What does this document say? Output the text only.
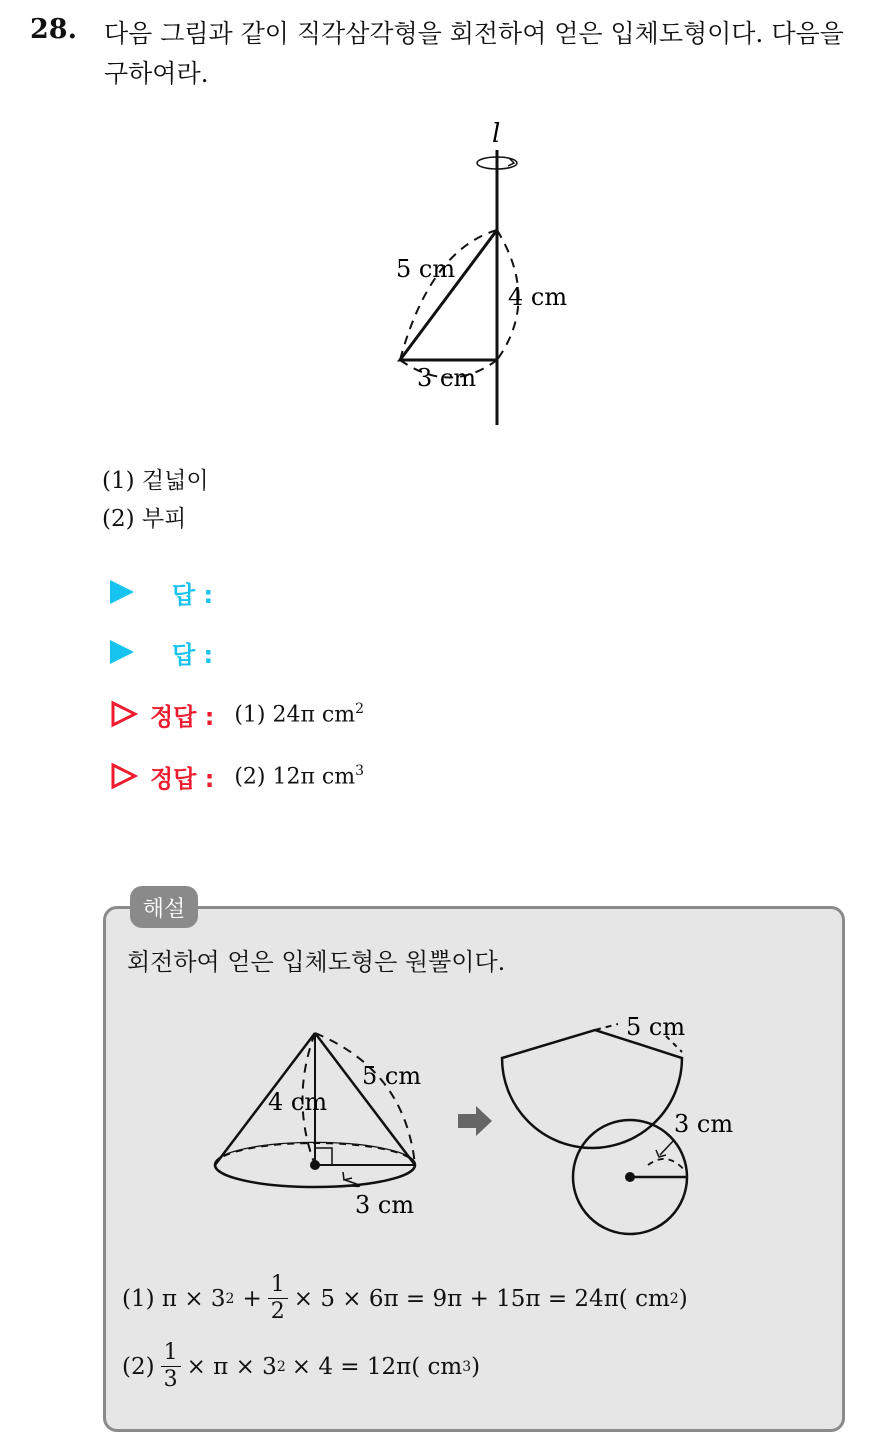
28. 다음 그림과 같이 직각삼각형을 회전하여 얻은 입체도형이다. 다음을 구하여라.
l
5 cm
4 cm
3 cm
(1) 겉넓이
(2) 부피
답 :
답 :
정답 : (1) 24π $cm^2$
정답 : (2) 12π $cm^3$
해설
회전하여 얻은 입체도형은 원뿔이다.
5 cm
4 cm
3 cm
5 cm
3 cm
(1) π × 3 $2 + \frac{1}{2} \times 5 \times 6\pi = 9\pi + 15\pi = 24\pi$( cm 2 )
$(2) \frac{1}{3} \times \pi \times 3$ 2 × 4 = 12π( cm 3 )
